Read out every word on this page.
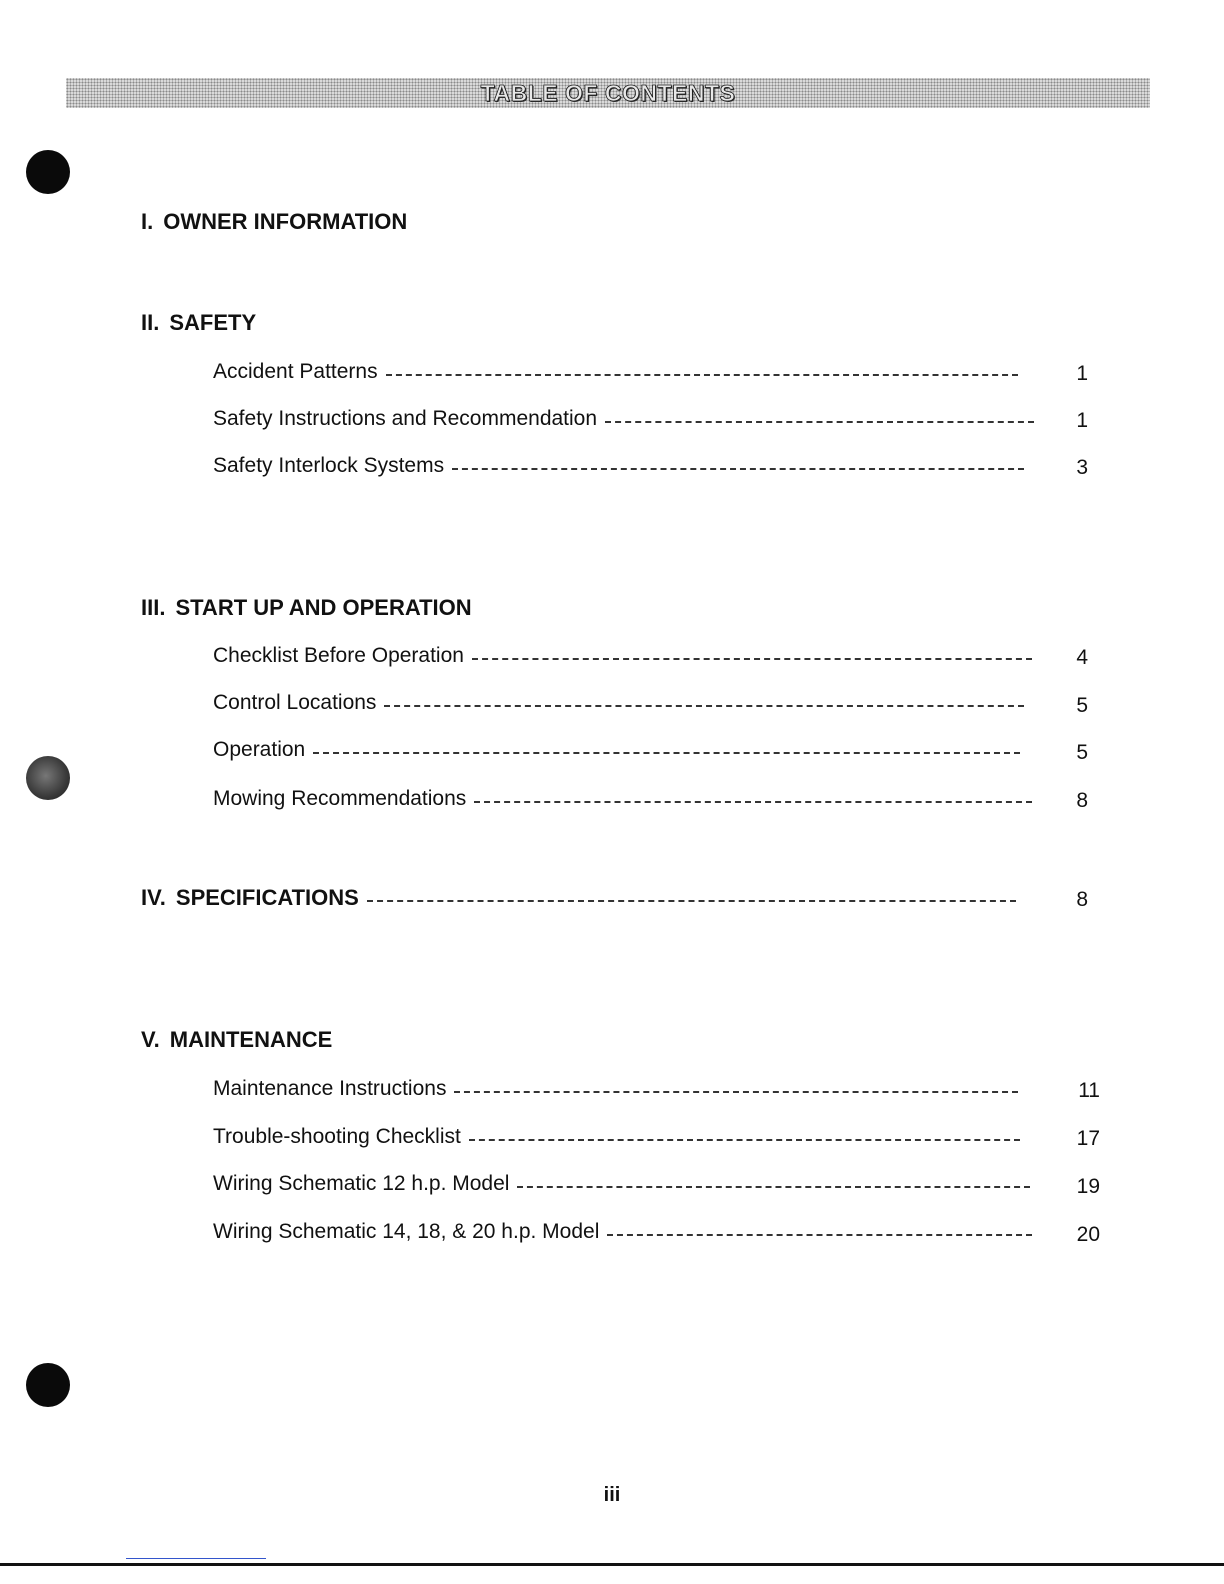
TABLE OF CONTENTS
I. OWNER INFORMATION
II. SAFETY
Accident Patterns	1
Safety Instructions and Recommendation	1
Safety Interlock Systems	3
III. START UP AND OPERATION
Checklist Before Operation	4
Control Locations	5
Operation	5
Mowing Recommendations	8
IV. SPECIFICATIONS	8
V. MAINTENANCE
Maintenance Instructions	11
Trouble-shooting Checklist	17
Wiring Schematic 12 h.p. Model	19
Wiring Schematic 14, 18, & 20 h.p. Model	20
iii
